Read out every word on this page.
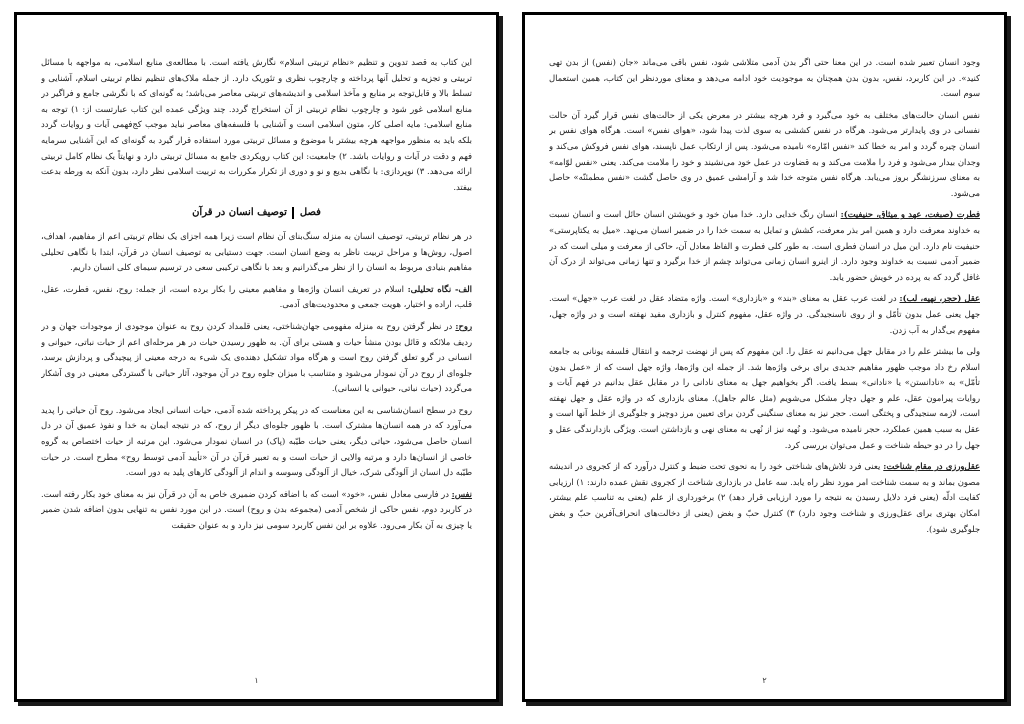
این کتاب به قصد تدوین و تنظیم «نظام تربیتی اسلام» نگارش یافته است. با مطالعه‌ی منابع اسلامی، به مواجهه با مسائل تربیتی و تجزیه و تحلیل آنها پرداخته و چارچوب نظری و تئوریک دارد. از جمله ملاک‌های تنظیم نظام تربیتی اسلام، آشنایی و تسلط بالا و قابل‌توجه بر منابع و مآخذ اسلامی و اندیشه‌های تربیتی معاصر می‌باشد؛ به گونه‌ای که با نگرشی جامع و فراگیر در منابع اسلامی غور شود و چارچوب نظام تربیتی از آن استخراج گردد. چند ویژگی عمده این کتاب عبارتست از: ۱) توجه به منابع اسلامی: مایه اصلی کار، متون اسلامی است و آشنایی با فلسفه‌های معاصر نباید موجب کج‌فهمی آیات و روایات گردد بلکه باید به منظور مواجهه هرچه بیشتر با موضوع و مسائل تربیتی مورد استفاده قرار گیرد به گونه‌ای که این آشنایی سرمایه فهم و دقت در آیات و روایات باشد. ۲) جامعیت: این کتاب رویکردی جامع به مسائل تربیتی دارد و نهایتاً یک نظام کامل تربیتی ارائه می‌دهد. ۳) نوپردازی: با نگاهی بدیع و نو و دوری از تکرار مکررات به تربیت اسلامی نظر دارد، بدون آنکه به ورطه بدعت بیفتد.

فصل  توصیف انسان در قرآن

در هر نظام تربیتی، توصیف انسان به منزله سنگ‌بنای آن نظام است زیرا همه اجزای یک نظام تربیتی اعم از مفاهیم، اهداف، اصول، روش‌ها و مراحل تربیت ناظر به وضع انسان است. جهت دستیابی به توصیف انسان در قرآن، ابتدا با نگاهی تحلیلی مفاهیم بنیادی مربوط به انسان را از نظر می‌گذرانیم و بعد با نگاهی ترکیبی سعی در ترسیم سیمای کلی انسان داریم.

الف- نگاه تحلیلی: اسلام در تعریف انسان واژه‌ها و مفاهیم معینی را بکار برده است، از جمله: روح، نفس، فطرت، عقل، قلب، اراده و اختیار، هویت جمعی و محدودیت‌های آدمی.

روح: در نظر گرفتن روح به منزله مفهومی جهان‌شناختی، یعنی قلمداد کردن روح به عنوان موجودی از موجودات جهان و در ردیف ملائکه و قائل بودن منشأ حیات و هستی برای آن. به ظهور رسیدن حیات در هر مرحله‌ای اعم از حیات نباتی، حیوانی و انسانی در گرو تعلق گرفتن روح است و هرگاه مواد تشکیل دهنده‌ی یک شیء به درجه معینی از پیچیدگی و پردازش برسد، جلوه‌ای از روح در آن نمودار می‌شود و متناسب با میزان جلوه روح در آن موجود، آثار حیاتی با گستردگی معینی در وی آشکار می‌گردد (حیات نباتی، حیوانی یا انسانی).

روح در سطح انسان‌شناسی به این معناست که در پیکر پرداخته شده آدمی، حیات انسانی ایجاد می‌شود. روح آن حیاتی را پدید می‌آورد که در همه انسان‌ها مشترک است. با ظهور جلوه‌ای دیگر از روح، که در نتیجه ایمان به خدا و نفوذ عمیق آن در دل انسان حاصل می‌شود، حیاتی دیگر، یعنی حیات طیّبه (پاک) در انسان نمودار می‌شود. این مرتبه از حیات اختصاص به گروه خاصی از انسان‌ها دارد و مرتبه والایی از حیات است و به تعبیر قرآن در آن «تأیید آدمی توسط روح» مطرح است. در حیات طیّبه دل انسان از آلودگی شرک، خیال از آلودگی وسوسه و اندام از آلودگی کارهای پلید به دور است.

نفس: در فارسی معادل نفس، «خود» است که با اضافه کردن ضمیری خاص به آن در قرآن نیز به معنای خود بکار رفته است. در کاربرد دوم، نفس حاکی از شخص آدمی (مجموعه بدن و روح) است. در این مورد نفس به تنهایی بدون اضافه شدن ضمیر یا چیزی به آن بکار می‌رود. علاوه بر این نفس کاربرد سومی نیز دارد و به عنوان حقیقت

۱

وجود انسان تعبیر شده است. در این معنا حتی اگر بدن آدمی متلاشی شود، نفس باقی می‌ماند «جان (نفس) از بدن تهی کنید». در این کاربرد، نفس، بدون بدن همچنان به موجودیت خود ادامه می‌دهد و معنای موردنظر این کتاب، همین استعمال سوم است.

نفس انسان حالت‌های مختلف به خود می‌گیرد و فرد هرچه بیشتر در معرض یکی از حالت‌های نفس قرار گیرد آن حالت نفسانی در وی پایدارتر می‌شود. هرگاه در نفس کششی به سوی لذت پیدا شود، «هوای نفس» است. هرگاه هوای نفس بر انسان چیره گردد و امر به خطا کند «نفس امّاره» نامیده می‌شود. پس از ارتکاب عمل ناپسند، هوای نفس فروکش می‌کند و وجدان بیدار می‌شود و فرد را ملامت می‌کند و به قضاوت در عمل خود می‌نشیند و خود را ملامت می‌کند. یعنی «نفس لوّامه» به معنای سرزنشگر بروز می‌یابد. هرگاه نفس متوجه خدا شد و آرامشی عمیق در وی حاصل گشت «نفس مطمئنّه» حاصل می‌شود.

فطرت (صبغت، عهد و میثاق، حنیفیت): انسان رنگ خدایی دارد. خدا میان خود و خویشتن انسان حائل است و انسان نسبت به خداوند معرفت دارد و همین امر بذر معرفت، کشش و تمایل به سمت خدا را در ضمیر انسان می‌نهد. «میل به یکتاپرستی» حنیفیت نام دارد. این میل در انسان فطری است. به طور کلی فطرت و الفاظ معادل آن، حاکی از معرفت و میلی است که در ضمیر آدمی نسبت به خداوند وجود دارد. از اینرو انسان زمانی می‌تواند چشم از خدا برگیرد و تنها زمانی می‌تواند از درک آن غافل گردد که به پرده در خویش حضور یابد.

عقل (حجر، نهیه، لب): در لغت عرب عقل به معنای «بند» و «بازداری» است. واژه متضاد عقل در لغت عرب «جهل» است. جهل یعنی عمل بدون تأمّل و از روی ناسنجیدگی. در واژه عقل، مفهوم کنترل و بازداری مفید نهفته است و در واژه جهل، مفهوم بی‌گدار به آب زدن.

ولی ما بیشتر علم را در مقابل جهل می‌دانیم نه عقل را. این مفهوم که پس از نهضت ترجمه و انتقال فلسفه یونانی به جامعه اسلام رخ داد موجب ظهور مفاهیم جدیدی برای برخی واژه‌ها شد. از جمله این واژه‌ها، واژه جهل است که از «عمل بدون تأمّل» به «نادانستن» یا «نادانی» بسط یافت. اگر بخواهیم جهل به معنای نادانی را در مقابل عقل بدانیم در فهم آیات و روایات پیرامون عقل، علم و جهل دچار مشکل می‌شویم (مثل عالم جاهل). معنای بازداری که در واژه عقل و جهل نهفته است، لازمه سنجیدگی و پختگی است. حجر نیز به معنای سنگینی گردن برای تعیین مرز دوچیز و جلوگیری از خلط آنها است و عقل به سبب همین عملکرد، حجر نامیده می‌شود. و نُهیه نیز از نُهی به معنای نهی و بازداشتن است. ویژگی بازدارندگی عقل و جهل را در دو حیطه شناخت و عمل می‌توان بررسی کرد.

عقل‌ورزی در مقام شناخت: یعنی فرد تلاش‌های شناختی خود را به نحوی تحت ضبط و کنترل درآورد که از کجروی در اندیشه مصون بماند و به سمت شناخت امر مورد نظر راه یابد. سه عامل در بازداری شناخت از کجروی نقش عمده دارند: ۱) ارزیابی کفایت ادلّه (یعنی فرد دلایل رسیدن به نتیجه را مورد ارزیابی قرار دهد) ۲) برخورداری از علم (یعنی به تناسب علم بیشتر، امکان بهتری برای عقل‌ورزی و شناخت وجود دارد) ۳) کنترل حبّ و بغض (یعنی از دخالت‌های انحراف‌آفرین حبّ و بغض جلوگیری شود).

۲
